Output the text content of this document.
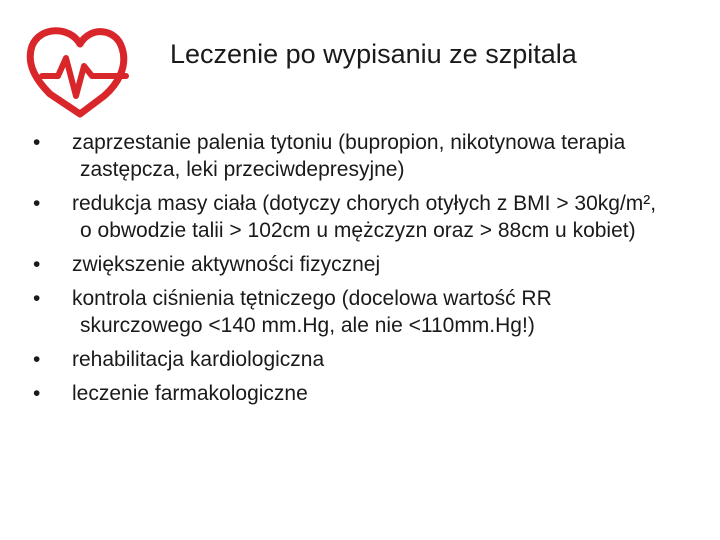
Leczenie po wypisaniu ze szpitala
•	zaprzestanie palenia tytoniu (bupropion, nikotynowa terapia zastępcza, leki przeciwdepresyjne)
•	redukcja masy ciała (dotyczy chorych otyłych z BMI > 30kg/m², o obwodzie talii > 102cm u mężczyzn oraz > 88cm u kobiet)
•	zwiększenie aktywności fizycznej
•	kontrola ciśnienia tętniczego (docelowa wartość RR skurczowego <140 mm.Hg, ale nie <110mm.Hg!)
•	rehabilitacja kardiologiczna
•	leczenie farmakologiczne
